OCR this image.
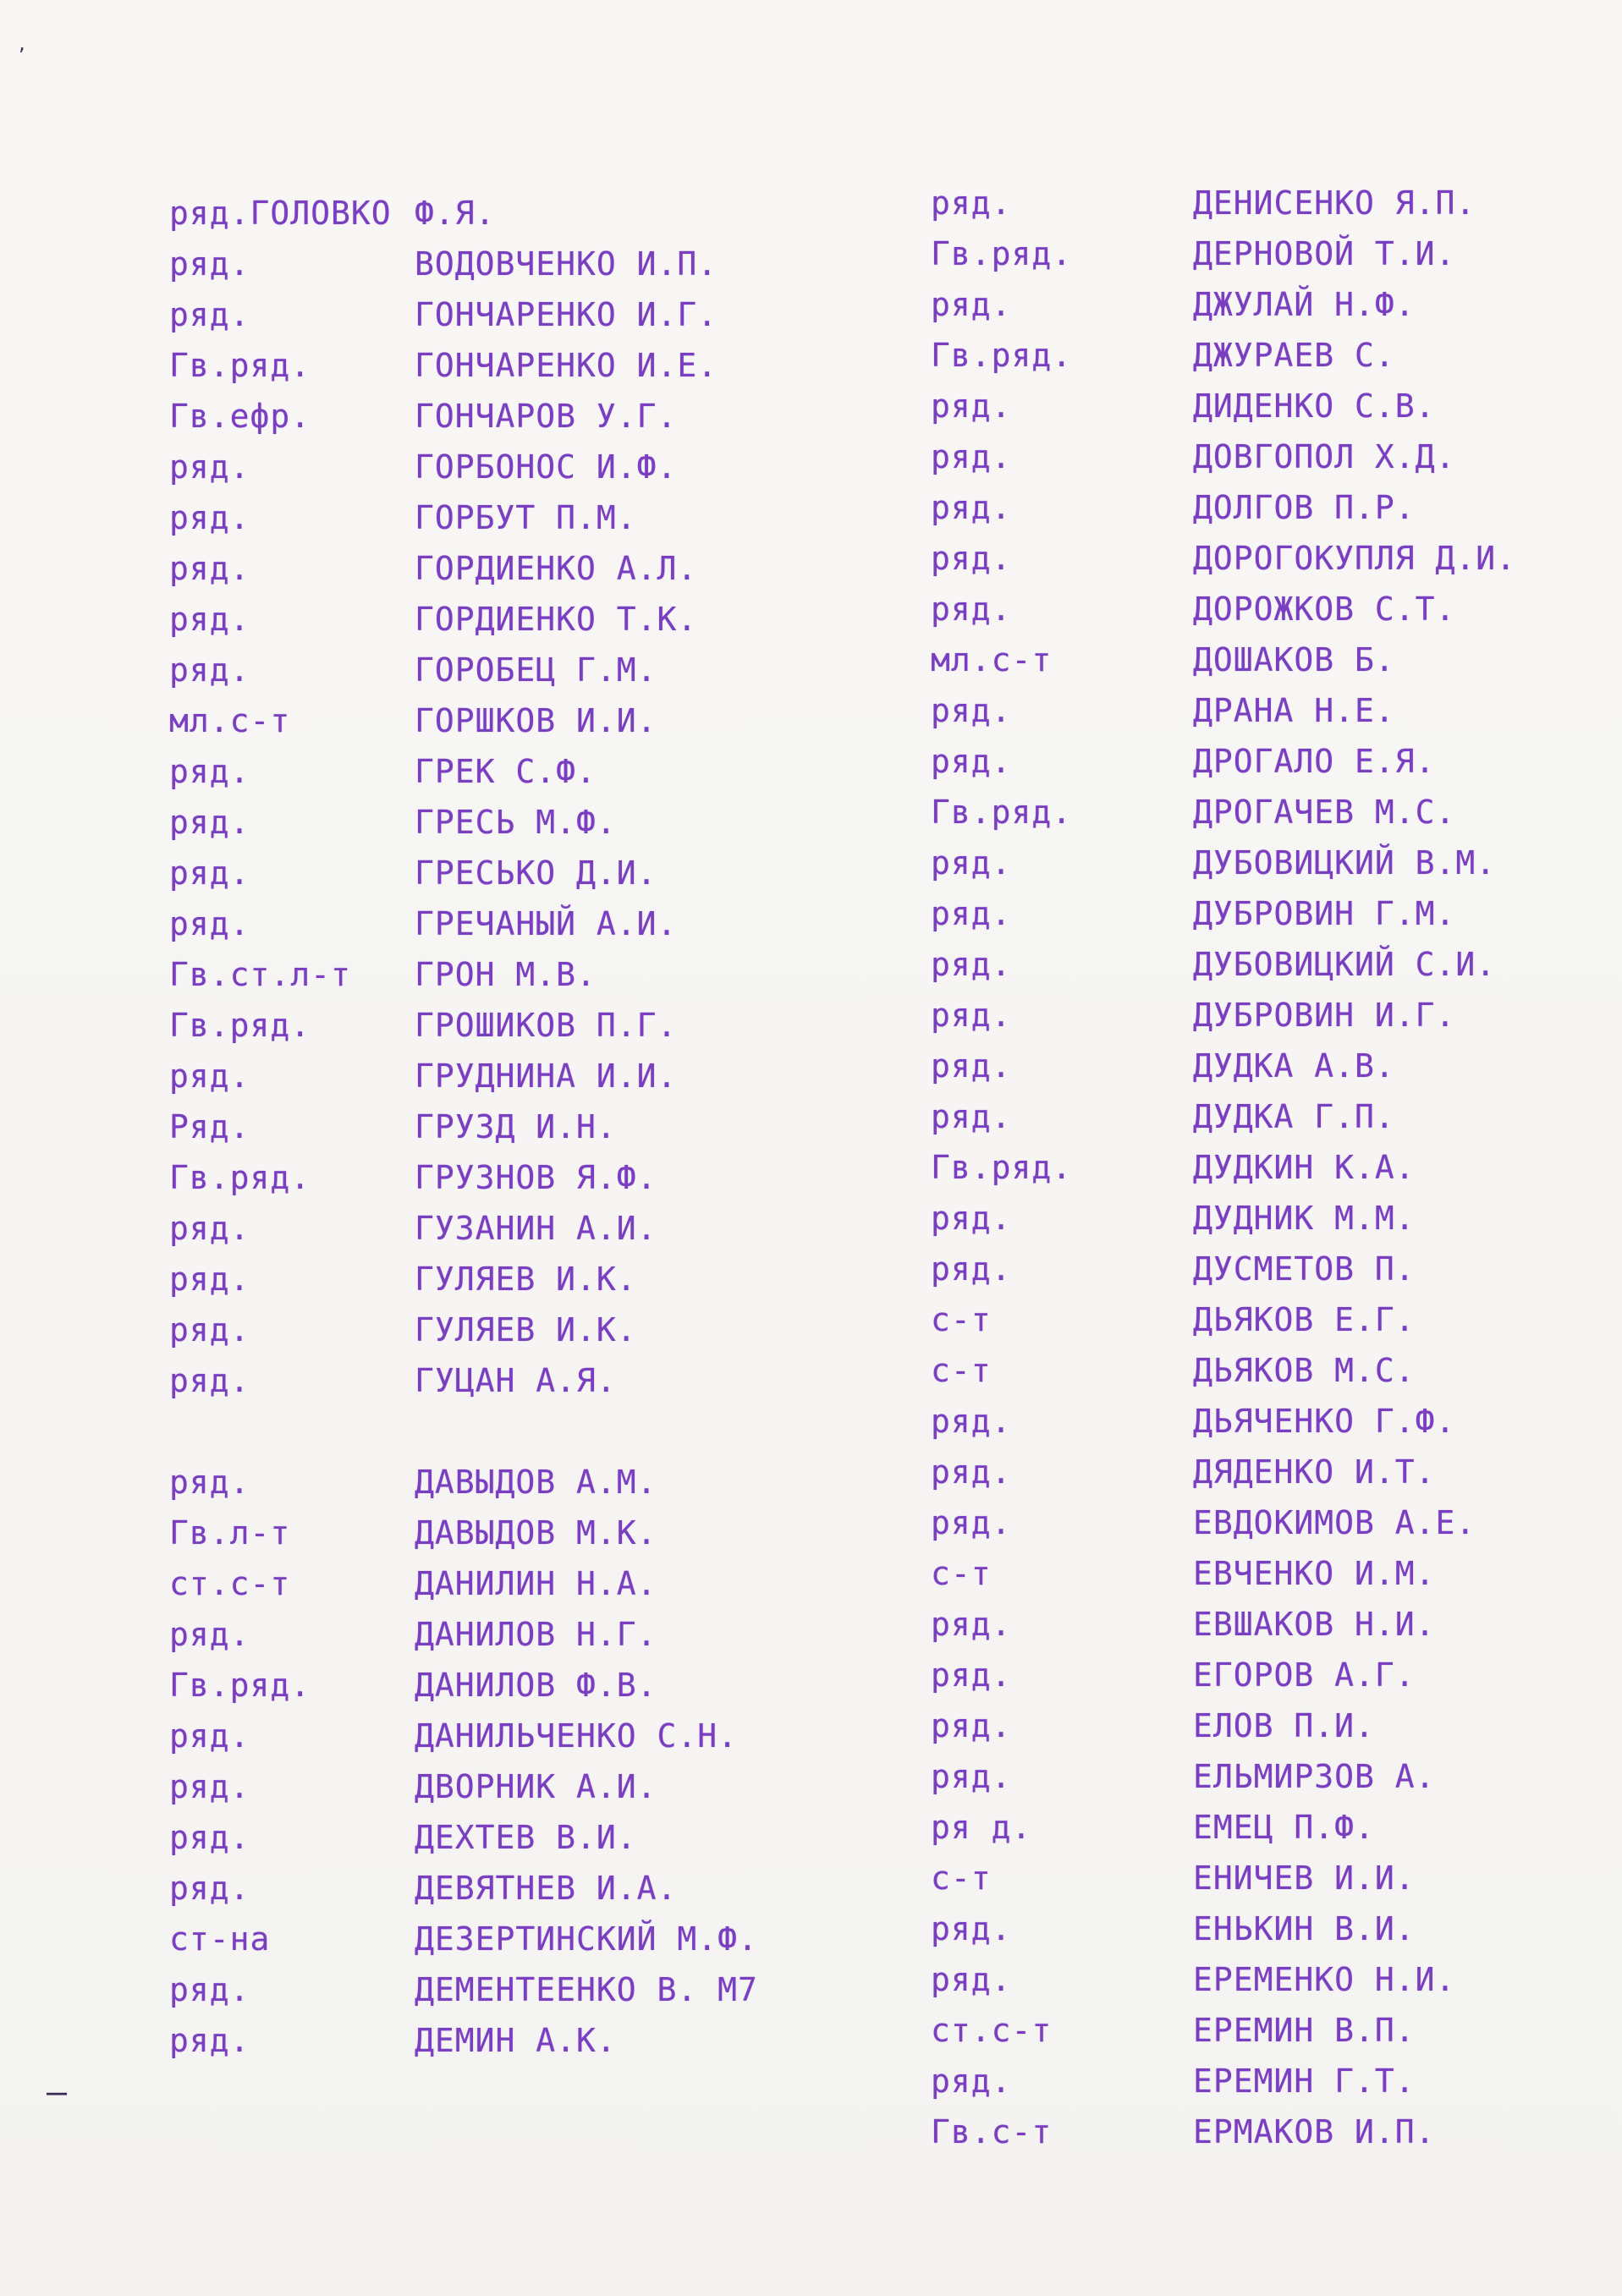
ряд.ГОЛОВКО Ф.Я.
ряд.	ВОДОВЧЕНКО И.П.
ряд.	ГОНЧАРЕНКО И.Г.
Гв.ряд.	ГОНЧАРЕНКО И.Е.
Гв.ефр.	ГОНЧАРОВ У.Г.
ряд.	ГОРБОНОС И.Ф.
ряд.	ГОРБУТ П.М.
ряд.	ГОРДИЕНКО А.Л.
ряд.	ГОРДИЕНКО Т.К.
ряд.	ГОРОБЕЦ Г.М.
мл.с-т	ГОРШКОВ И.И.
ряд.	ГРЕК С.Ф.
ряд.	ГРЕСЬ М.Ф.
ряд.	ГРЕСЬКО Д.И.
ряд.	ГРЕЧАНЫЙ А.И.
Гв.ст.л-т ГРОН М.В.
Гв.ряд.	ГРОШИКОВ П.Г.
ряд.	ГРУДНИНА И.И.
Ряд.	ГРУЗД И.Н.
Гв.ряд.	ГРУЗНОВ Я.Ф.
ряд.	ГУЗАНИН А.И.
ряд.	ГУЛЯЕВ И.К.
ряд.	ГУЛЯЕВ И.К.
ряд.	ГУЦАН А.Я.
ряд.	ДАВЫДОВ А.М.
Гв.л-т	ДАВЫДОВ М.К.
ст.с-т	ДАНИЛИН Н.А.
ряд.	ДАНИЛОВ Н.Г.
Гв.ряд.	ДАНИЛОВ Ф.В.
ряд.	ДАНИЛЬЧЕНКО С.Н.
ряд.	ДВОРНИК А.И.
ряд.	ДЕХТЕВ В.И.
ряд.	ДЕВЯТНЕВ И.А.
ст-на	ДЕЗЕРТИНСКИЙ М.Ф.
ряд.	ДЕМЕНТЕЕНКО В. М7
ряд.	ДЕМИН А.К.
ряд.	ДЕНИСЕНКО Я.П.
Гв.ряд.	ДЕРНОВОЙ Т.И.
ряд.	ДЖУЛАЙ Н.Ф.
Гв.ряд.	ДЖУРАЕВ С.
ряд.	ДИДЕНКО С.В.
ряд.	ДОВГОПОЛ Х.Д.
ряд.	ДОЛГОВ П.Р.
ряд.	ДОРОГОКУПЛЯ Д.И.
ряд.	ДОРОЖКОВ С.Т.
мл.с-т	ДОШАКОВ Б.
ряд.	ДРАНА Н.Е.
ряд.	ДРОГАЛО Е.Я.
Гв.ряд.	ДРОГАЧЕВ М.С.
ряд.	ДУБОВИЦКИЙ В.М.
ряд.	ДУБРОВИН Г.М.
ряд.	ДУБОВИЦКИЙ С.И.
ряд.	ДУБРОВИН И.Г.
ряд.	ДУДКА А.В.
ряд.	ДУДКА Г.П.
Гв.ряд.	ДУДКИН К.А.
ряд.	ДУДНИК М.М.
ряд.	ДУСМЕТОВ П.
с-т	ДЬЯКОВ Е.Г.
с-т	ДЬЯКОВ М.С.
ряд.	ДЬЯЧЕНКО Г.Ф.
ряд.	ДЯДЕНКО И.Т.
ряд.	ЕВДОКИМОВ А.Е.
с-т	ЕВЧЕНКО И.М.
ряд.	ЕВШАКОВ Н.И.
ряд.	ЕГОРОВ А.Г.
ряд.	ЕЛОВ П.И.
ряд.	ЕЛЬМИРЗОВ А.
ря д.	ЕМЕЦ П.Ф.
с-т	ЕНИЧЕВ И.И.
ряд.	ЕНЬКИН В.И.
ряд.	ЕРЕМЕНКО Н.И.
ст.с-т	ЕРЕМИН В.П.
ряд.	ЕРЕМИН Г.Т.
Гв.с-т	ЕРМАКОВ И.П.
,
—
